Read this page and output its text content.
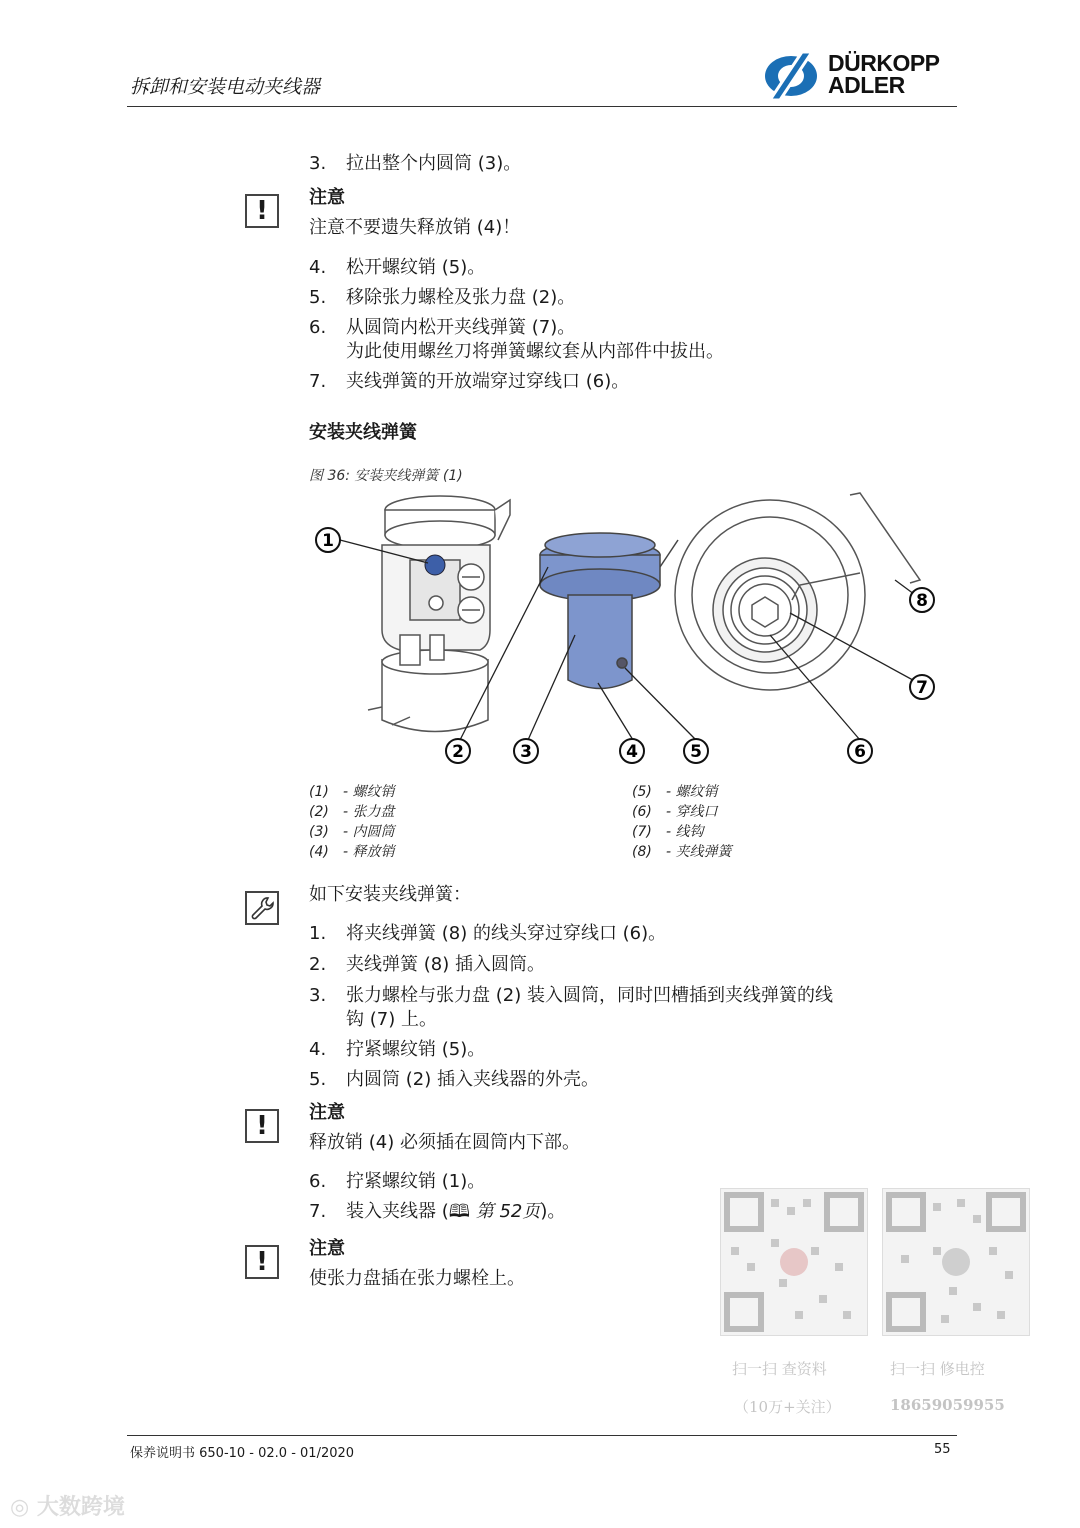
拆卸和安装电动夹线器
DÜRKOPP
ADLER
3. 拉出整个内圆筒 (3)。
!	注意
注意不要遗失释放销 (4)！
4. 松开螺纹销 (5)。
5. 移除张力螺栓及张力盘 (2)。
6. 从圆筒内松开夹线弹簧 (7)。
为此使用螺丝刀将弹簧螺纹套从内部件中拔出。
7. 夹线弹簧的开放端穿过穿线口 (6)。
安装夹线弹簧
图 36: 安装夹线弹簧 (1)
1
2	3	4	5	6
7
8
(1) - 螺纹销
(2) - 张力盘
(3) - 内圆筒
(4) - 释放销
(5) - 螺纹销
(6) - 穿线口
(7) - 线钩
(8) - 夹线弹簧
如下安装夹线弹簧：
1. 将夹线弹簧 (8) 的线头穿过穿线口 (6)。
2. 夹线弹簧 (8) 插入圆筒。
3. 张力螺栓与张力盘 (2) 装入圆筒，同时凹槽插到夹线弹簧的线
钩 (7) 上。
4. 拧紧螺纹销 (5)。
5. 内圆筒 (2) 插入夹线器的外壳。
!	注意
释放销 (4) 必须插在圆筒内下部。
6. 拧紧螺纹销 (1)。
7. 装入夹线器 (🕮 第 52页)。
!	注意
使张力盘插在张力螺栓上。
扫一扫 查资料
（10万+关注）
扫一扫 修电控
18659059955
保养说明书 650-10 - 02.0 - 01/2020	55
◎ 大数跨境
